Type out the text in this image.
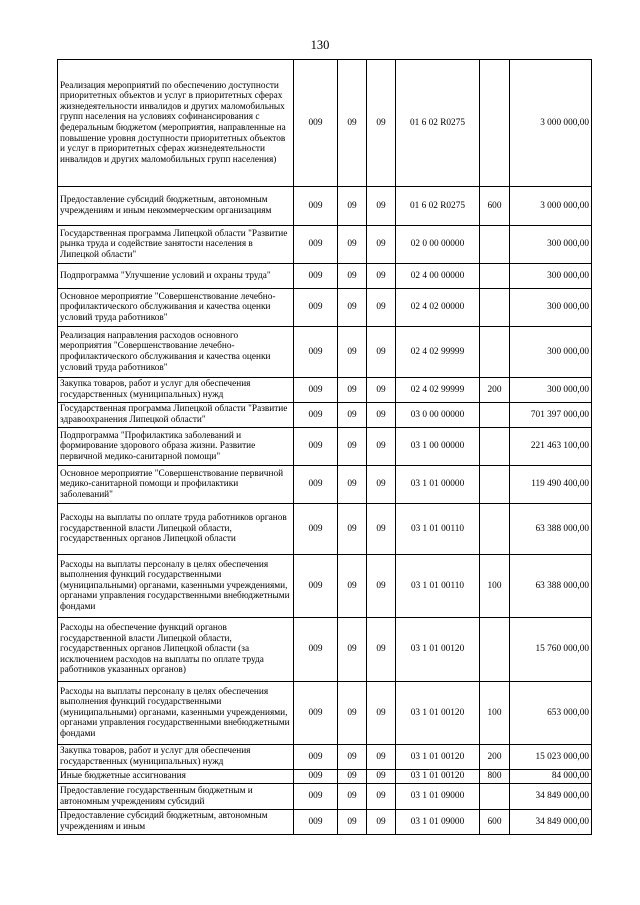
130
Реализация мероприятий по обеспечению доступности приоритетных объектов и услуг в приоритетных сферах жизнедеятельности инвалидов и других маломобильных групп населения на условиях софинансирования с федеральным бюджетом (мероприятия, направленные на повышение уровня доступности приоритетных объектов и услуг в приоритетных сферах жизнедеятельности инвалидов и других маломобильных групп населения)	009	09	09	01 6 02 R0275		3 000 000,00
Предоставление субсидий бюджетным, автономным учреждениям и иным некоммерческим организациям	009	09	09	01 6 02 R0275	600	3 000 000,00
Государственная программа Липецкой области "Развитие рынка труда и содействие занятости населения в Липецкой области"	009	09	09	02 0 00 00000		300 000,00
Подпрограмма "Улучшение условий и охраны труда"	009	09	09	02 4 00 00000		300 000,00
Основное мероприятие "Совершенствование лечебно-профилактического обслуживания и качества оценки условий труда работников"	009	09	09	02 4 02 00000		300 000,00
Реализация направления расходов основного мероприятия "Совершенствование лечебно-профилактического обслуживания и качества оценки условий труда работников"	009	09	09	02 4 02 99999		300 000,00
Закупка товаров, работ и услуг для обеспечения государственных (муниципальных) нужд	009	09	09	02 4 02 99999	200	300 000,00
Государственная программа Липецкой области "Развитие здравоохранения Липецкой области"	009	09	09	03 0 00 00000		701 397 000,00
Подпрограмма "Профилактика заболеваний и формирование здорового образа жизни. Развитие первичной медико-санитарной помощи"	009	09	09	03 1 00 00000		221 463 100,00
Основное мероприятие "Совершенствование первичной медико-санитарной помощи и профилактики заболеваний"	009	09	09	03 1 01 00000		119 490 400,00
Расходы на выплаты по оплате труда работников органов государственной власти Липецкой области, государственных органов Липецкой области	009	09	09	03 1 01 00110		63 388 000,00
Расходы на выплаты персоналу в целях обеспечения выполнения функций государственными (муниципальными) органами, казенными учреждениями, органами управления государственными внебюджетными фондами	009	09	09	03 1 01 00110	100	63 388 000,00
Расходы на обеспечение функций органов государственной власти Липецкой области, государственных органов Липецкой области (за исключением расходов на выплаты по оплате труда работников указанных органов)	009	09	09	03 1 01 00120		15 760 000,00
Расходы на выплаты персоналу в целях обеспечения выполнения функций государственными (муниципальными) органами, казенными учреждениями, органами управления государственными внебюджетными фондами	009	09	09	03 1 01 00120	100	653 000,00
Закупка товаров, работ и услуг для обеспечения государственных (муниципальных) нужд	009	09	09	03 1 01 00120	200	15 023 000,00
Иные бюджетные ассигнования	009	09	09	03 1 01 00120	800	84 000,00
Предоставление государственным бюджетным и автономным учреждениям субсидий	009	09	09	03 1 01 09000		34 849 000,00
Предоставление субсидий бюджетным, автономным учреждениям и иным	009	09	09	03 1 01 09000	600	34 849 000,00
